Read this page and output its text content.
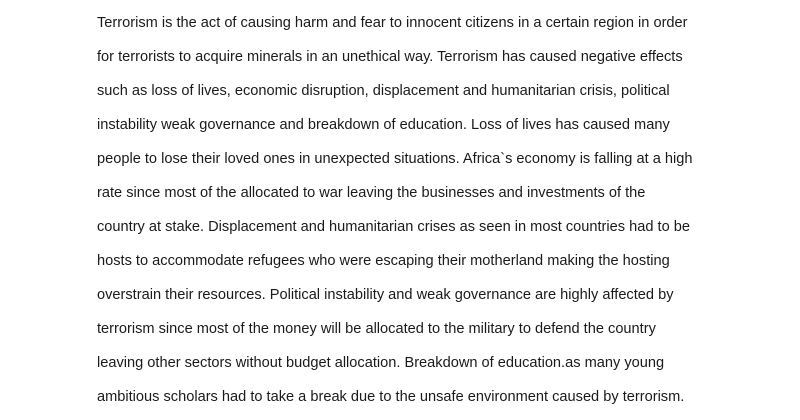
Terrorism is the act of causing harm and fear to innocent citizens in a certain region in order
for terrorists to acquire minerals in an unethical way. Terrorism has caused negative effects
such as loss of lives, economic disruption, displacement and humanitarian crisis, political
instability weak governance and breakdown of education. Loss of lives has caused many
people to lose their loved ones in unexpected situations. Africa`s economy is falling at a high
rate since most of the allocated to war leaving the businesses and investments of the
country at stake. Displacement and humanitarian crises as seen in most countries had to be
hosts to accommodate refugees who were escaping their motherland making the hosting
overstrain their resources. Political instability and weak governance are highly affected by
terrorism since most of the money will be allocated to the military to defend the country
leaving other sectors without budget allocation. Breakdown of education.as many young
ambitious scholars had to take a break due to the unsafe environment caused by terrorism.
